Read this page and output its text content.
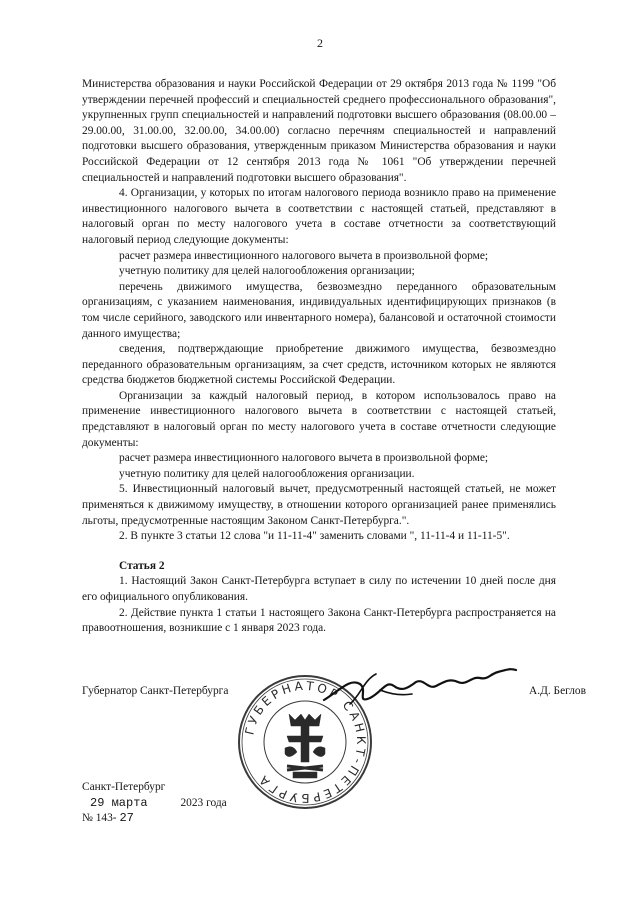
2

Министерства образования и науки Российской Федерации от 29 октября 2013 года № 1199 "Об утверждении перечней профессий и специальностей среднего профессионального образования", укрупненных групп специальностей и направлений подготовки высшего образования (08.00.00 – 29.00.00, 31.00.00, 32.00.00, 34.00.00) согласно перечням специальностей и направлений подготовки высшего образования, утвержденным приказом Министерства образования и науки Российской Федерации от 12 сентября 2013 года № 1061 "Об утверждении перечней специальностей и направлений подготовки высшего образования".

4. Организации, у которых по итогам налогового периода возникло право на применение инвестиционного налогового вычета в соответствии с настоящей статьей, представляют в налоговый орган по месту налогового учета в составе отчетности за соответствующий налоговый период следующие документы:

расчет размера инвестиционного налогового вычета в произвольной форме;

учетную политику для целей налогообложения организации;

перечень движимого имущества, безвозмездно переданного образовательным организациям, с указанием наименования, индивидуальных идентифицирующих признаков (в том числе серийного, заводского или инвентарного номера), балансовой и остаточной стоимости данного имущества;

сведения, подтверждающие приобретение движимого имущества, безвозмездно переданного образовательным организациям, за счет средств, источником которых не являются средства бюджетов бюджетной системы Российской Федерации.

Организации за каждый налоговый период, в котором использовалось право на применение инвестиционного налогового вычета в соответствии с настоящей статьей, представляют в налоговый орган по месту налогового учета в составе отчетности следующие документы:

расчет размера инвестиционного налогового вычета в произвольной форме;

учетную политику для целей налогообложения организации.

5. Инвестиционный налоговый вычет, предусмотренный настоящей статьей, не может применяться к движимому имуществу, в отношении которого организацией ранее применялись льготы, предусмотренные настоящим Законом Санкт-Петербурга.".

2. В пункте 3 статьи 12 слова "и 11-11-4" заменить словами ", 11-11-4 и 11-11-5".

Статья 2

1. Настоящий Закон Санкт-Петербурга вступает в силу по истечении 10 дней после дня его официального опубликования.

2. Действие пункта 1 статьи 1 настоящего Закона Санкт-Петербурга распространяется на правоотношения, возникшие с 1 января 2023 года.

Губернатор Санкт-Петербурга	А.Д. Беглов
ГУБЕРНАТОР САНКТ-ПЕТЕРБУРГА
Санкт-Петербург
29 марта	2023 года
№ 143- 27
